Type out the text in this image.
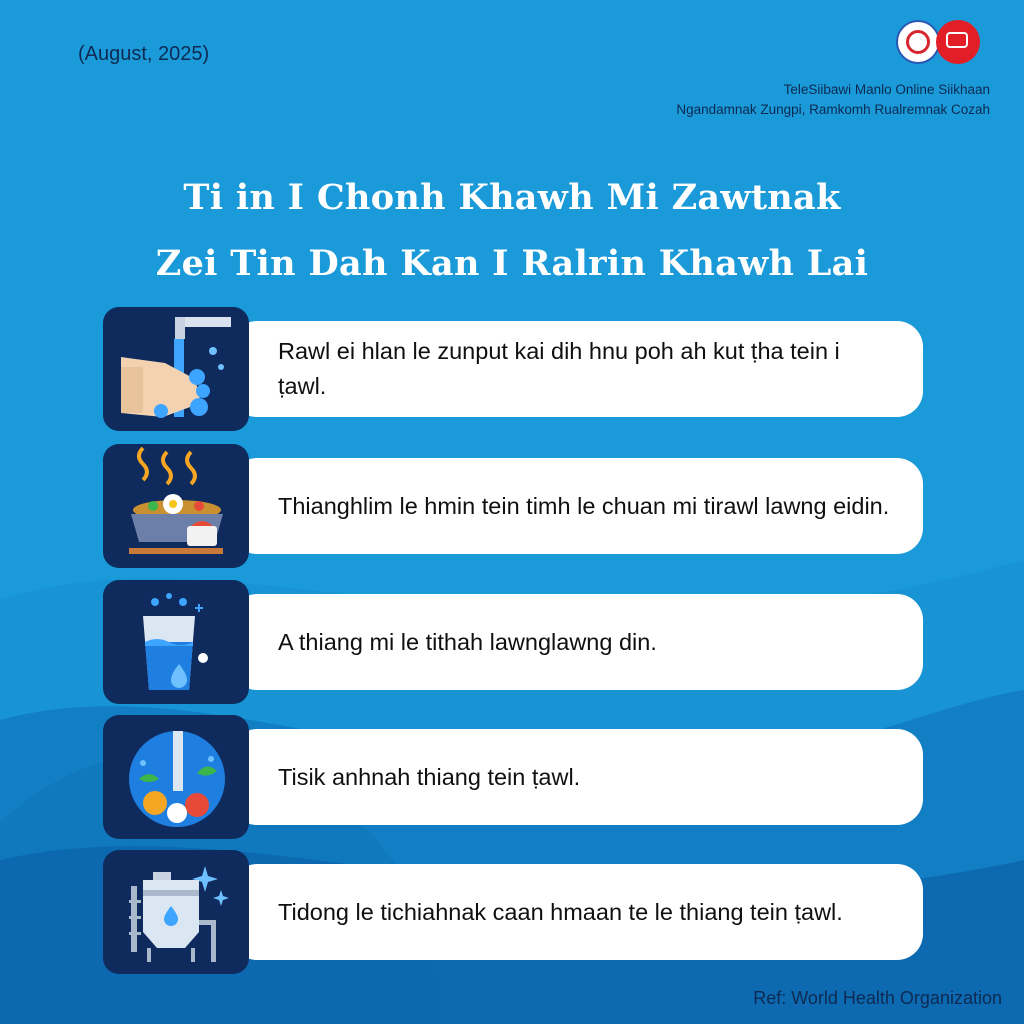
(August, 2025)
TeleSiibawi Manlo Online Siikhaan
Ngandamnak Zungpi, Ramkomh Rualremnak Cozah
Ti in I Chonh Khawh Mi Zawtnak
Zei Tin Dah Kan I Ralrin Khawh Lai
Rawl ei hlan le zunput kai dih hnu poh ah kut ṭha tein i ṭawl.
Thianghlim le hmin tein timh le chuan mi tirawl lawng eidin.
A thiang mi le tithah lawnglawng din.
Tisik anhnah thiang tein ṭawl.
Tidong le tichiahnak caan hmaan te le thiang tein ṭawl.
Ref: World Health Organization
